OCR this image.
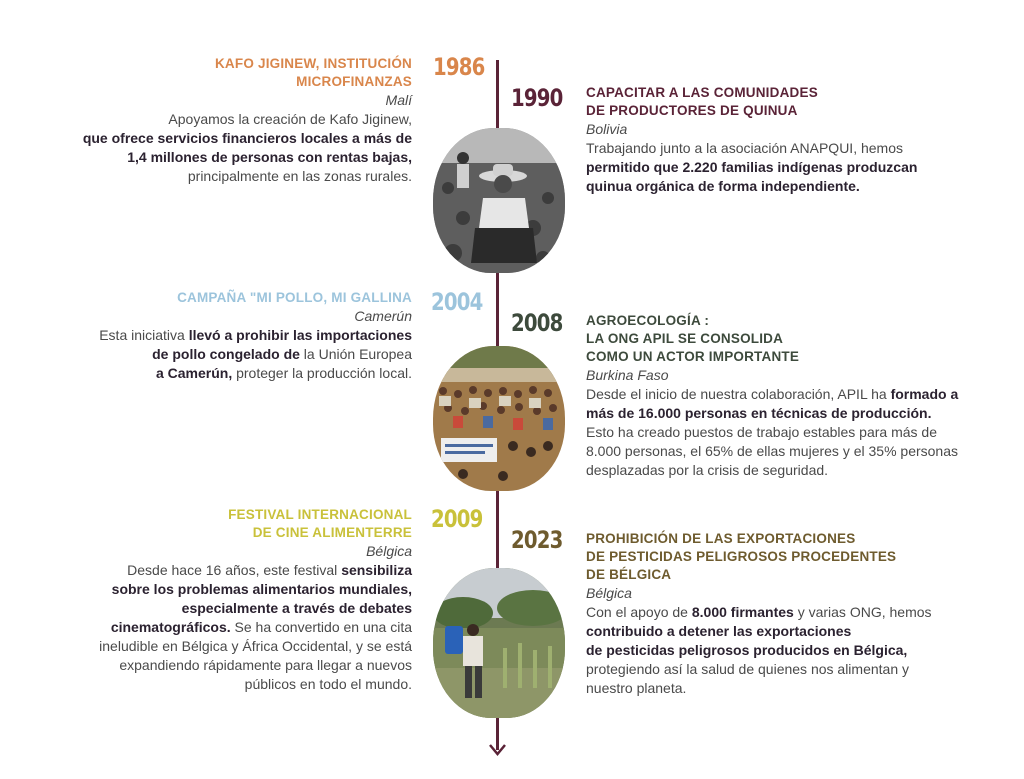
1986
1990
2004
2008
2009
2023
KAFO JIGINEW, INSTITUCIÓN
MICROFINANZAS
Malí
Apoyamos la creación de Kafo Jiginew,
que ofrece servicios financieros locales a más de
1,4 millones de personas con rentas bajas,
principalmente en las zonas rurales.
CAPACITAR A LAS COMUNIDADES
DE PRODUCTORES DE QUINUA
Bolivia
Trabajando junto a la asociación ANAPQUI, hemos
permitido que 2.220 familias indígenas produzcan
quinua orgánica de forma independiente.
CAMPAÑA "MI POLLO, MI GALLINA
Camerún
Esta iniciativa llevó a prohibir las importaciones
de pollo congelado de la Unión Europea
a Camerún, proteger la producción local.
AGROECOLOGÍA :
LA ONG APIL SE CONSOLIDA
COMO UN ACTOR IMPORTANTE
Burkina Faso
Desde el inicio de nuestra colaboración, APIL ha formado a
más de 16.000 personas en técnicas de producción.
Esto ha creado puestos de trabajo estables para más de
8.000 personas, el 65% de ellas mujeres y el 35% personas
desplazadas por la crisis de seguridad.
FESTIVAL INTERNACIONAL
DE CINE ALIMENTERRE
Bélgica
Desde hace 16 años, este festival sensibiliza
sobre los problemas alimentarios mundiales,
especialmente a través de debates
cinematográficos. Se ha convertido en una cita
ineludible en Bélgica y África Occidental, y se está
expandiendo rápidamente para llegar a nuevos
públicos en todo el mundo.
PROHIBICIÓN DE LAS EXPORTACIONES
DE PESTICIDAS PELIGROSOS PROCEDENTES
DE BÉLGICA
Bélgica
Con el apoyo de 8.000 firmantes y varias ONG, hemos
contribuido a detener las exportaciones
de pesticidas peligrosos producidos en Bélgica,
protegiendo así la salud de quienes nos alimentan y
nuestro planeta.
